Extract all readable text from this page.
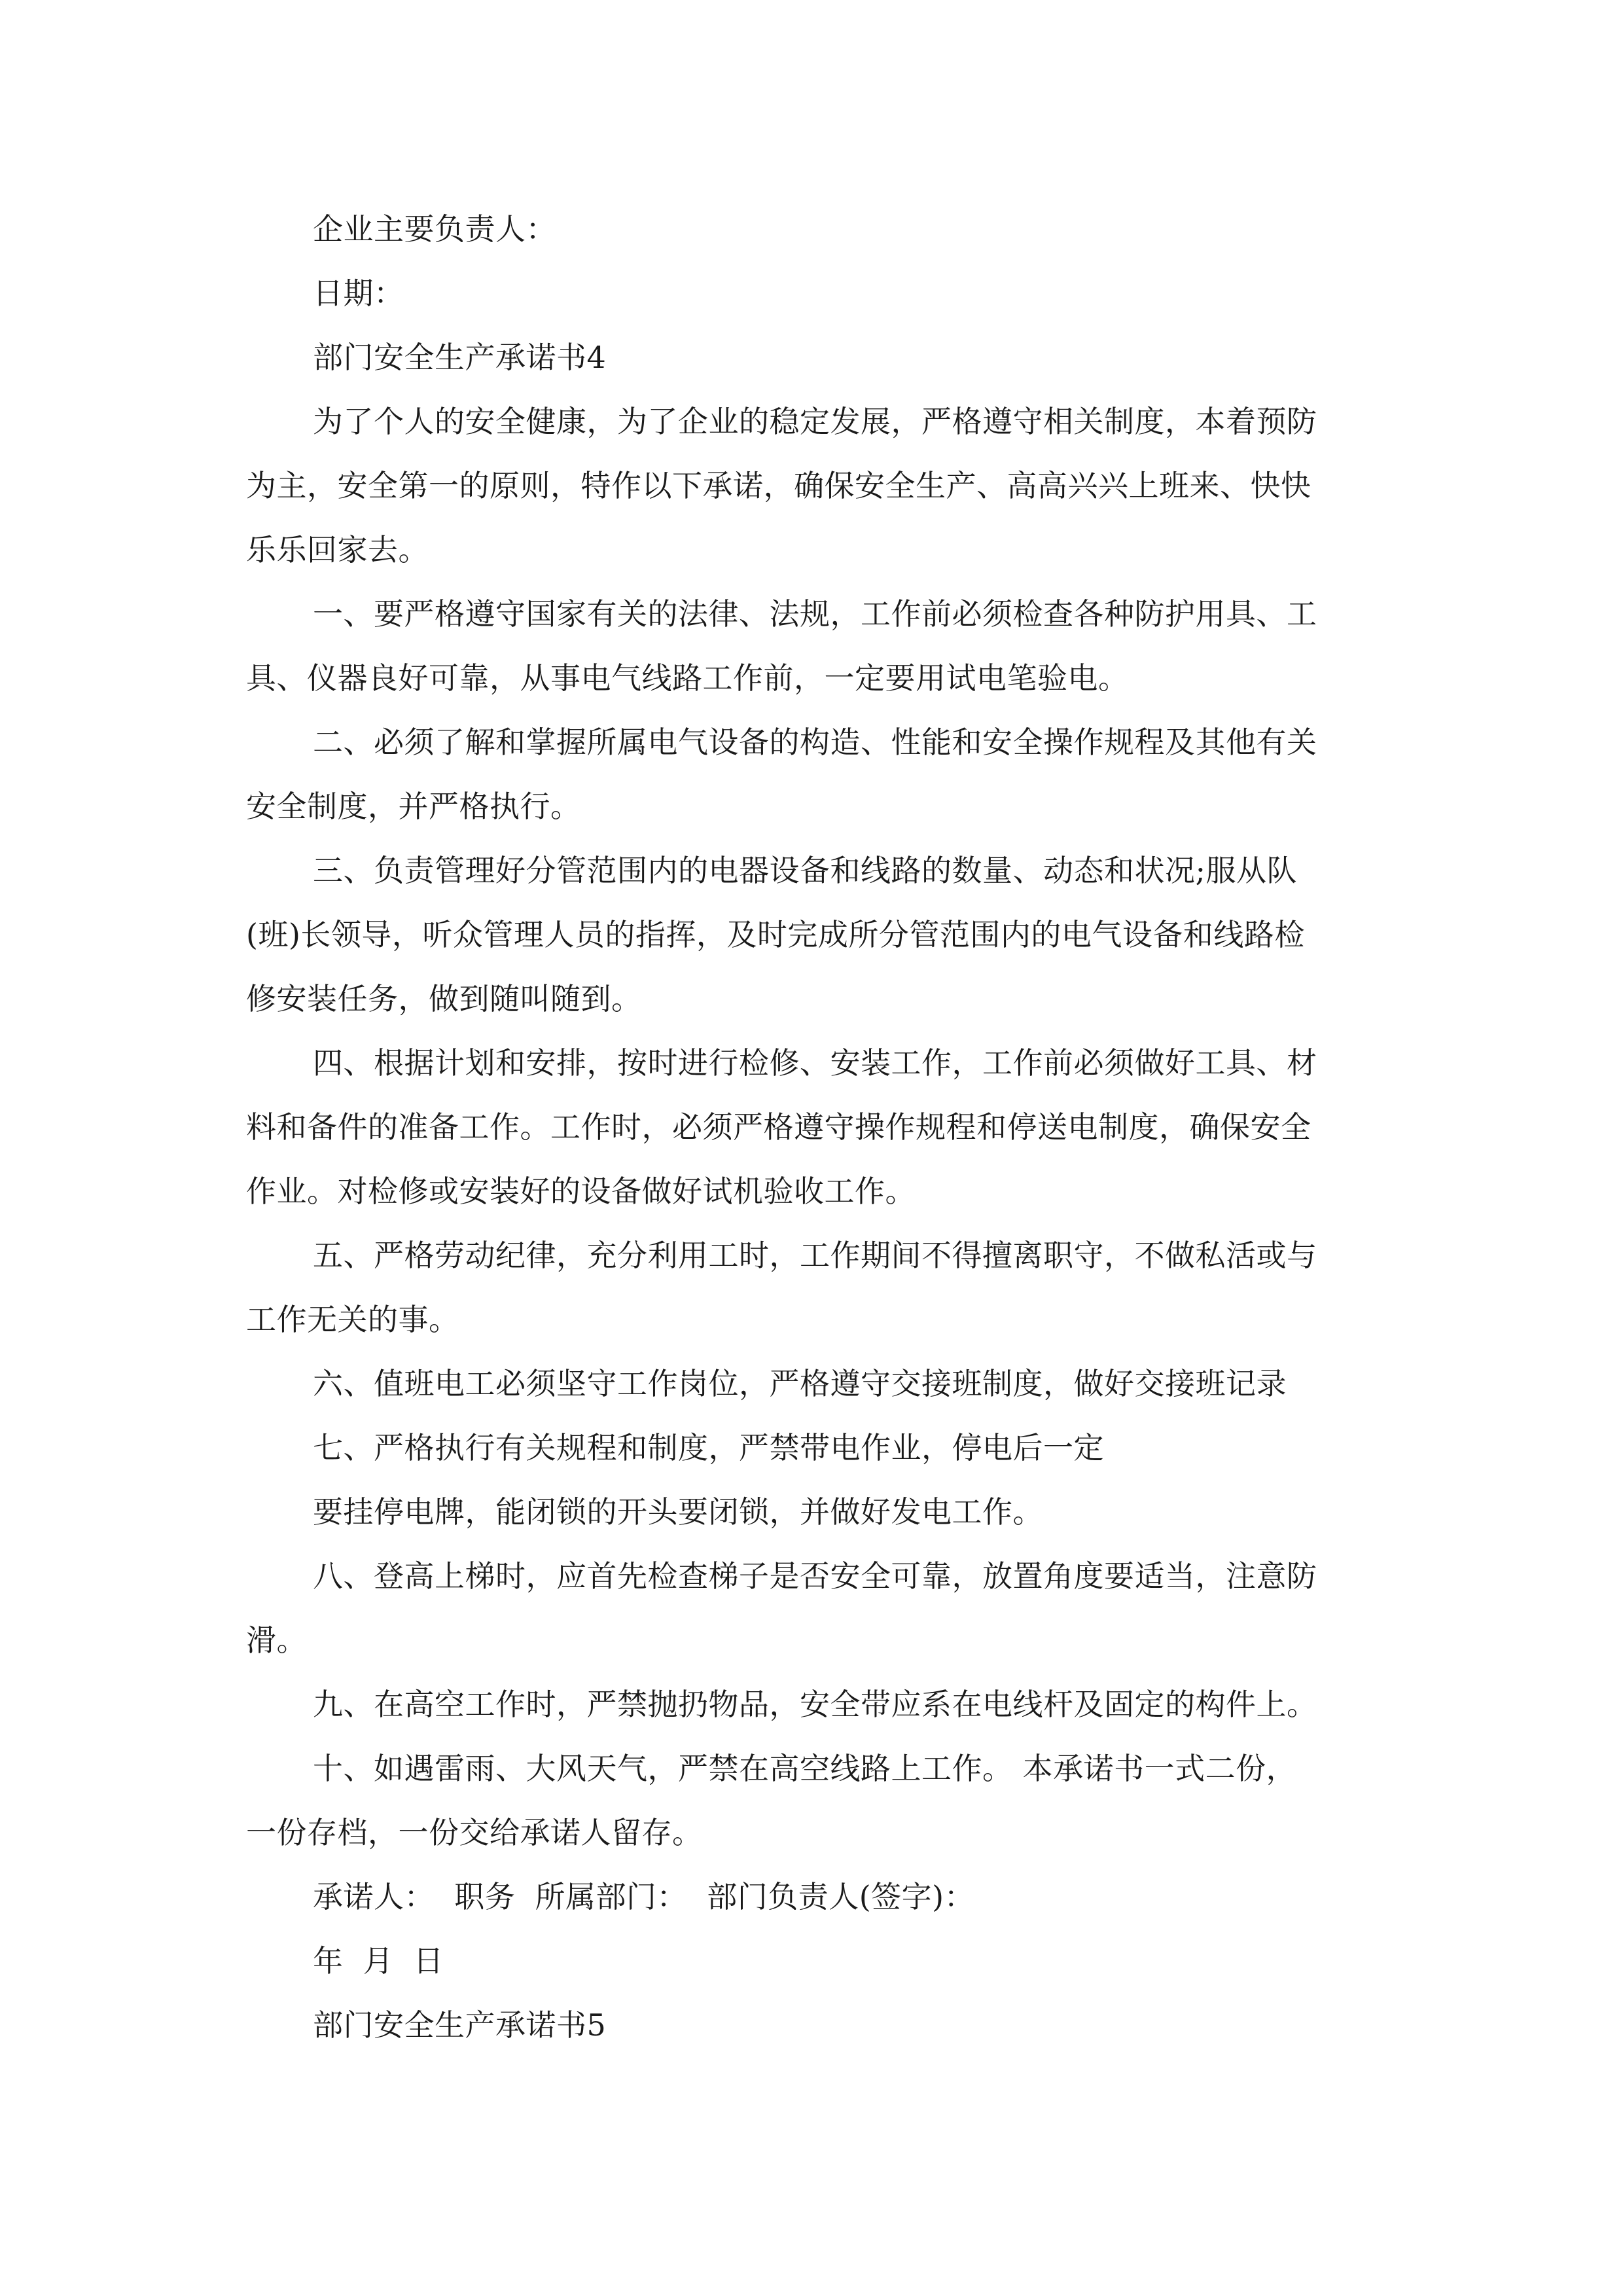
企业主要负责人：
日期：
部门安全生产承诺书4
为了个人的安全健康，为了企业的稳定发展，严格遵守相关制度，本着预防
为主，安全第一的原则，特作以下承诺，确保安全生产、高高兴兴上班来、快快
乐乐回家去。
一、要严格遵守国家有关的法律、法规，工作前必须检查各种防护用具、工
具、仪器良好可靠，从事电气线路工作前，一定要用试电笔验电。
二、必须了解和掌握所属电气设备的构造、性能和安全操作规程及其他有关
安全制度，并严格执行。
三、负责管理好分管范围内的电器设备和线路的数量、动态和状况;服从队
(班)长领导，听众管理人员的指挥，及时完成所分管范围内的电气设备和线路检
修安装任务，做到随叫随到。
四、根据计划和安排，按时进行检修、安装工作，工作前必须做好工具、材
料和备件的准备工作。工作时，必须严格遵守操作规程和停送电制度，确保安全
作业。对检修或安装好的设备做好试机验收工作。
五、严格劳动纪律，充分利用工时，工作期间不得擅离职守，不做私活或与
工作无关的事。
六、值班电工必须坚守工作岗位，严格遵守交接班制度，做好交接班记录
七、严格执行有关规程和制度，严禁带电作业，停电后一定
要挂停电牌，能闭锁的开头要闭锁，并做好发电工作。
八、登高上梯时，应首先检查梯子是否安全可靠，放置角度要适当，注意防
滑。
九、在高空工作时，严禁抛扔物品，安全带应系在电线杆及固定的构件上。
十、如遇雷雨、大风天气，严禁在高空线路上工作。 本承诺书一式二份，
一份存档，一份交给承诺人留存。
承诺人：  职务  所属部门：  部门负责人(签字)：
年  月  日
部门安全生产承诺书5
